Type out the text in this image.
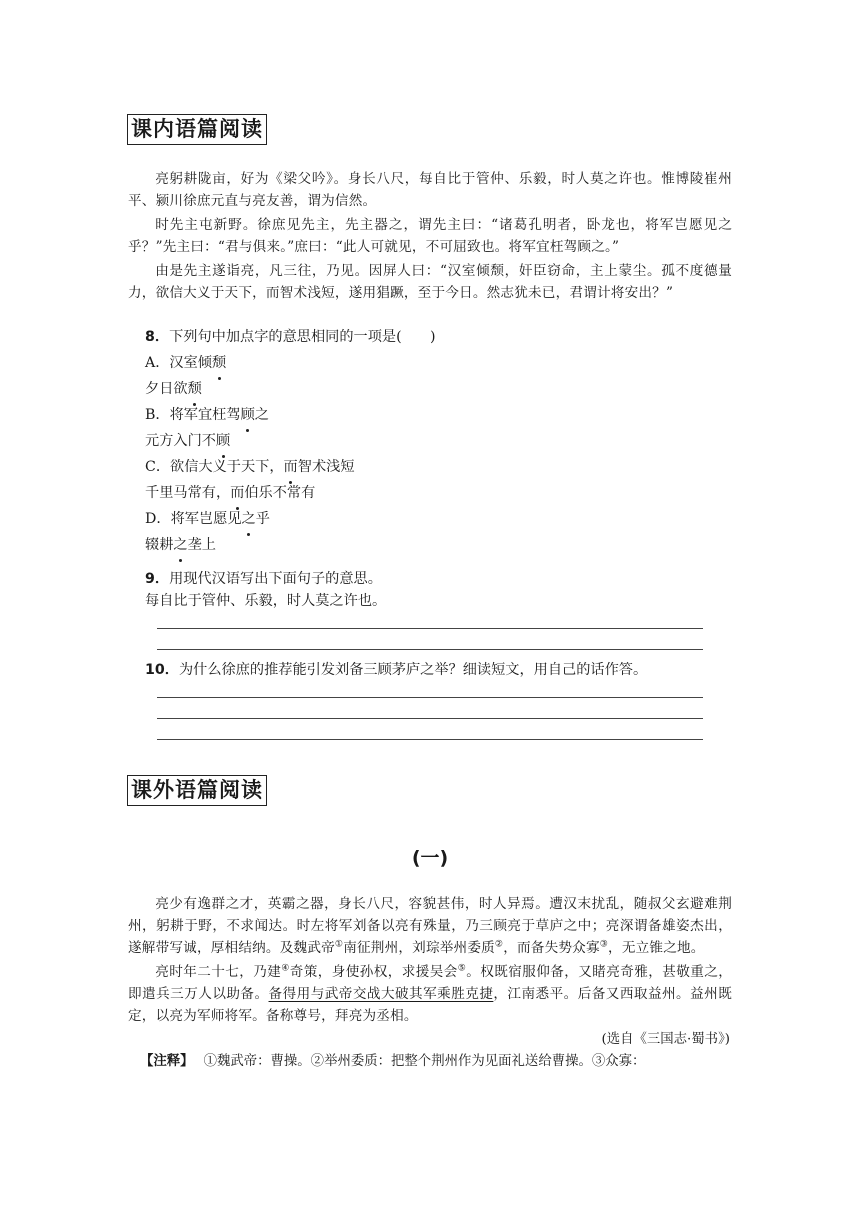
课内语篇阅读

亮躬耕陇亩，好为《梁父吟》。身长八尺，每自比于管仲、乐毅，时人莫之许也。惟博陵崔州平、颍川徐庶元直与亮友善，谓为信然。

时先主屯新野。徐庶见先主，先主器之，谓先主曰：“诸葛孔明者，卧龙也，将军岂愿见之乎？”先主曰：“君与俱来。”庶曰：“此人可就见，不可屈致也。将军宜枉驾顾之。”

由是先主遂诣亮，凡三往，乃见。因屏人曰：“汉室倾颓，奸臣窃命，主上蒙尘。孤不度德量力，欲信大义于天下，而智术浅短，遂用猖蹶，至于今日。然志犹未已，君谓计将安出？”

8．下列句中加点字的意思相同的一项是(　　)

A．汉室倾颓

夕日欲颓

B．将军宜枉驾顾之

元方入门不顾

C．欲信大义于天下，而智术浅短

千里马常有，而伯乐不常有

D．将军岂愿见之乎

辍耕之垄上

9．用现代汉语写出下面句子的意思。

每自比于管仲、乐毅，时人莫之许也。

10．为什么徐庶的推荐能引发刘备三顾茅庐之举？细读短文，用自己的话作答。

课外语篇阅读
(一)

亮少有逸群之才，英霸之器，身长八尺，容貌甚伟，时人异焉。遭汉末扰乱，随叔父玄避难荆州，躬耕于野，不求闻达。时左将军刘备以亮有殊量，乃三顾亮于草庐之中；亮深谓备雄姿杰出，遂解带写诚，厚相结纳。及魏武帝①南征荆州，刘琮举州委质②，而备失势众寡③，无立锥之地。

亮时年二十七，乃建④奇策，身使孙权，求援吴会⑤。权既宿服仰备，又睹亮奇雅，甚敬重之，即遣兵三万人以助备。备得用与武帝交战大破其军乘胜克捷，江南悉平。后备又西取益州。益州既定，以亮为军师将军。备称尊号，拜亮为丞相。

(选自《三国志·蜀书》)

【注释】 ①魏武帝：曹操。②举州委质：把整个荆州作为见面礼送给曹操。③众寡：
